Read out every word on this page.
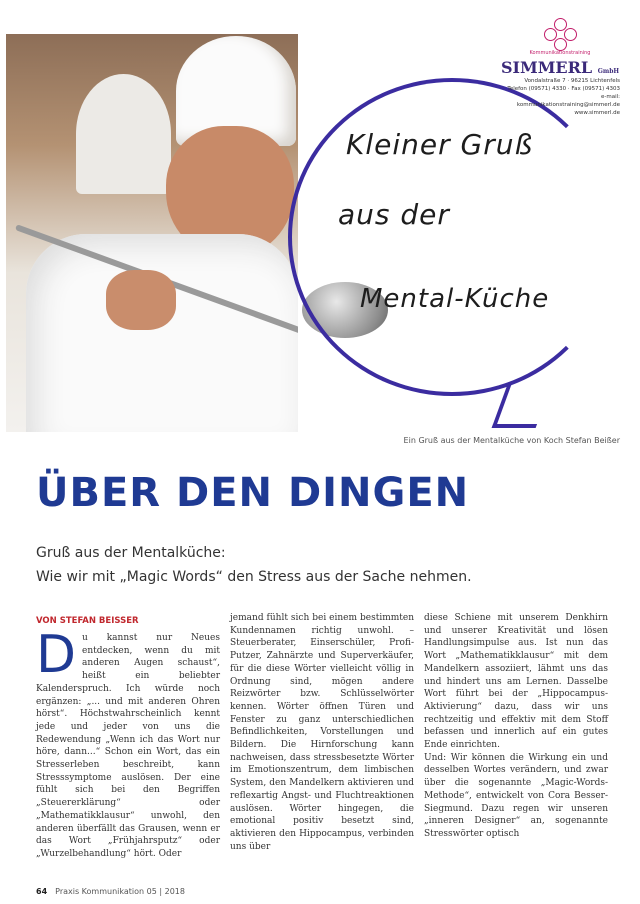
Kleiner Gruß
aus der
Mental-Küche
Kommunikationstraining
SIMMERL GmbH
Vondalstraße 7 · 96215 Lichtenfels
Telefon (09571) 4330 · Fax (09571) 4303
e-mail: kommunikationstraining@simmerl.de
www.simmerl.de
Ein Gruß aus der Mentalküche von Koch Stefan Beißer
ÜBER DEN DINGEN
Gruß aus der Mentalküche:
Wie wir mit „Magic Words“ den Stress aus der Sache nehmen.
VON STEFAN BEISSER

Du kannst nur Neues entdecken, wenn du mit anderen Augen schaust“, heißt ein beliebter Kalenderspruch. Ich würde noch ergänzen: „... und mit anderen Ohren hörst“. Höchstwahrscheinlich kennt jede und jeder von uns die Redewendung „Wenn ich das Wort nur höre, dann...“ Schon ein Wort, das ein Stresserleben beschreibt, kann Stresssymptome auslösen. Der eine fühlt sich bei den Begriffen „Steuererklärung“ oder „Mathematikklausur“ unwohl, den anderen überfällt das Grausen, wenn er das Wort „Frühjahrsputz“ oder „Wurzelbehandlung“ hört. Oder

jemand fühlt sich bei einem bestimmten Kundennamen richtig unwohl. – Steuerberater, Einserschüler, Profi-Putzer, Zahnärzte und Superverkäufer, für die diese Wörter vielleicht völlig in Ordnung sind, mögen andere Reizwörter bzw. Schlüsselwörter kennen. Wörter öffnen Türen und Fenster zu ganz unterschiedlichen Befindlichkeiten, Vorstellungen und Bildern. Die Hirnforschung kann nachweisen, dass stressbesetzte Wörter im Emotionszentrum, dem limbischen System, den Mandelkern aktivieren und reflexartig Angst- und Fluchtreaktionen auslösen. Wörter hingegen, die emotional positiv besetzt sind, aktivieren den Hippocampus, verbinden uns über

diese Schiene mit unserem Denkhirn und unserer Kreativität und lösen Handlungsimpulse aus. Ist nun das Wort „Mathematikklausur“ mit dem Mandelkern assoziiert, lähmt uns das und hindert uns am Lernen. Dasselbe Wort führt bei der „Hippocampus-Aktivierung“ dazu, dass wir uns rechtzeitig und effektiv mit dem Stoff befassen und innerlich auf ein gutes Ende einrichten.

Und: Wir können die Wirkung ein und desselben Wortes verändern, und zwar über die sogenannte „Magic-Words-Methode“, entwickelt von Cora Besser-Siegmund. Dazu regen wir unseren „inneren Designer“ an, sogenannte Stresswörter optisch

64 Praxis Kommunikation 05 | 2018
